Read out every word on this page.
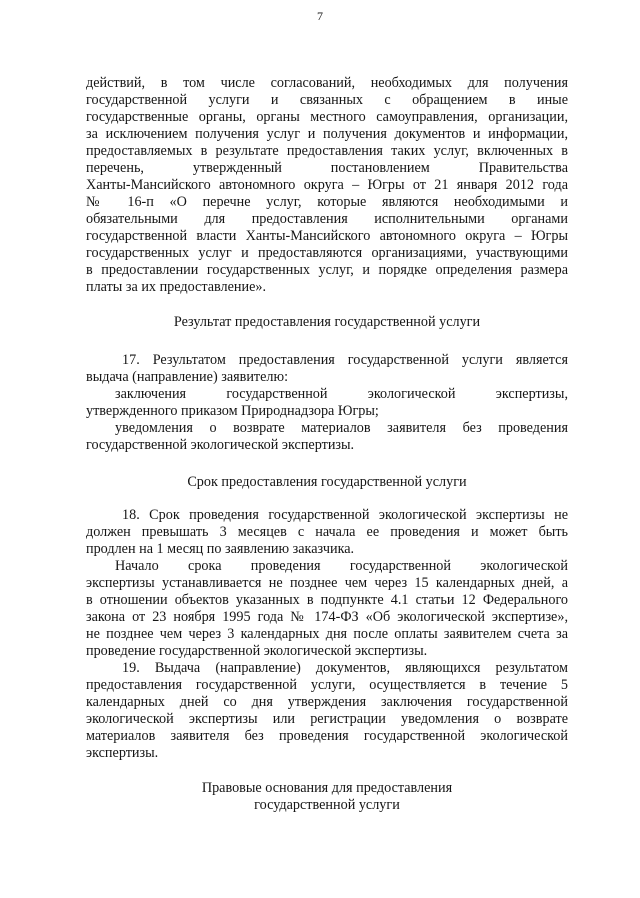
7
действий, в том числе согласований, необходимых для получения
государственной услуги и связанных с обращением в иные
государственные органы, органы местного самоуправления, организации,
за исключением получения услуг и получения документов и информации,
предоставляемых в результате предоставления таких услуг, включенных в
перечень, утвержденный постановлением Правительства
Ханты-Мансийского автономного округа – Югры от 21 января 2012 года
№ 16-п «О перечне услуг, которые являются необходимыми и
обязательными для предоставления исполнительными органами
государственной власти Ханты-Мансийского автономного округа – Югры
государственных услуг и предоставляются организациями, участвующими
в предоставлении государственных услуг, и порядке определения размера
платы за их предоставление».
Результат предоставления государственной услуги
17. Результатом предоставления государственной услуги является
выдача (направление) заявителю:
заключения государственной экологической экспертизы,
утвержденного приказом Природнадзора Югры;
уведомления о возврате материалов заявителя без проведения
государственной экологической экспертизы.
Срок предоставления государственной услуги
18. Срок проведения государственной экологической экспертизы не
должен превышать 3 месяцев с начала ее проведения и может быть
продлен на 1 месяц по заявлению заказчика.
Начало срока проведения государственной экологической
экспертизы устанавливается не позднее чем через 15 календарных дней, а
в отношении объектов указанных в подпункте 4.1 статьи 12 Федерального
закона от 23 ноября 1995 года № 174-ФЗ «Об экологической экспертизе»,
не позднее чем через 3 календарных дня после оплаты заявителем счета за
проведение государственной экологической экспертизы.
19. Выдача (направление) документов, являющихся результатом
предоставления государственной услуги, осуществляется в течение 5
календарных дней со дня утверждения заключения государственной
экологической экспертизы или регистрации уведомления о возврате
материалов заявителя без проведения государственной экологической
экспертизы.
Правовые основания для предоставления
государственной услуги
